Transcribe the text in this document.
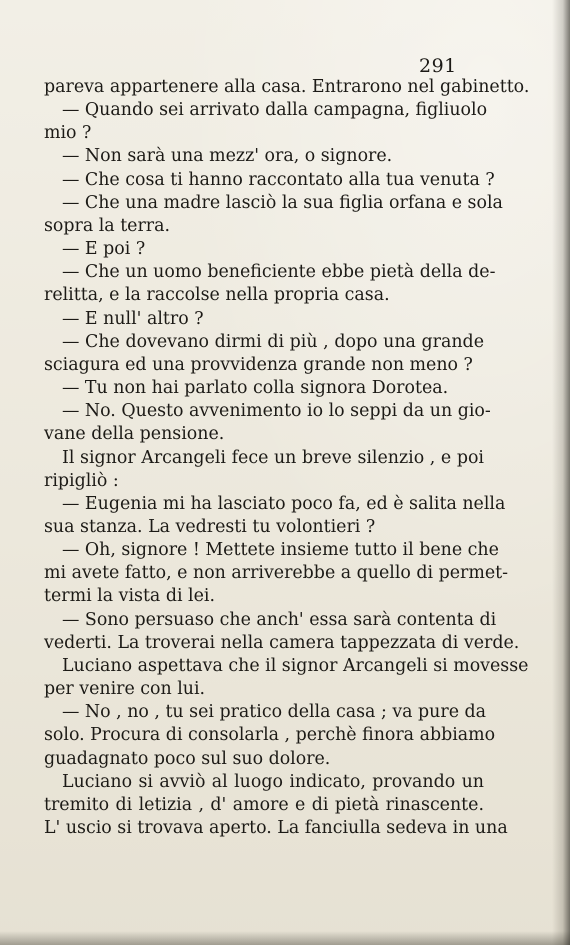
291
pareva appartenere alla casa. Entrarono nel gabinetto.
— Quando sei arrivato dalla campagna, figliuolo
mio ?
— Non sarà una mezz' ora, o signore.
— Che cosa ti hanno raccontato alla tua venuta ?
— Che una madre lasciò la sua figlia orfana e sola
sopra la terra.
— E poi ?
— Che un uomo beneficiente ebbe pietà della de-
relitta, e la raccolse nella propria casa.
— E null' altro ?
— Che dovevano dirmi di più , dopo una grande
sciagura ed una provvidenza grande non meno ?
— Tu non hai parlato colla signora Dorotea.
— No. Questo avvenimento io lo seppi da un gio-
vane della pensione.
Il signor Arcangeli fece un breve silenzio , e poi
ripigliò :
— Eugenia mi ha lasciato poco fa, ed è salita nella
sua stanza. La vedresti tu volontieri ?
— Oh, signore ! Mettete insieme tutto il bene che
mi avete fatto, e non arriverebbe a quello di permet-
termi la vista di lei.
— Sono persuaso che anch' essa sarà contenta di
vederti. La troverai nella camera tappezzata di verde.
Luciano aspettava che il signor Arcangeli si movesse
per venire con lui.
— No , no , tu sei pratico della casa ; va pure da
solo. Procura di consolarla , perchè finora abbiamo
guadagnato poco sul suo dolore.
Luciano si avviò al luogo indicato, provando un
tremito di letizia , d' amore e di pietà rinascente.
L' uscio si trovava aperto. La fanciulla sedeva in una
